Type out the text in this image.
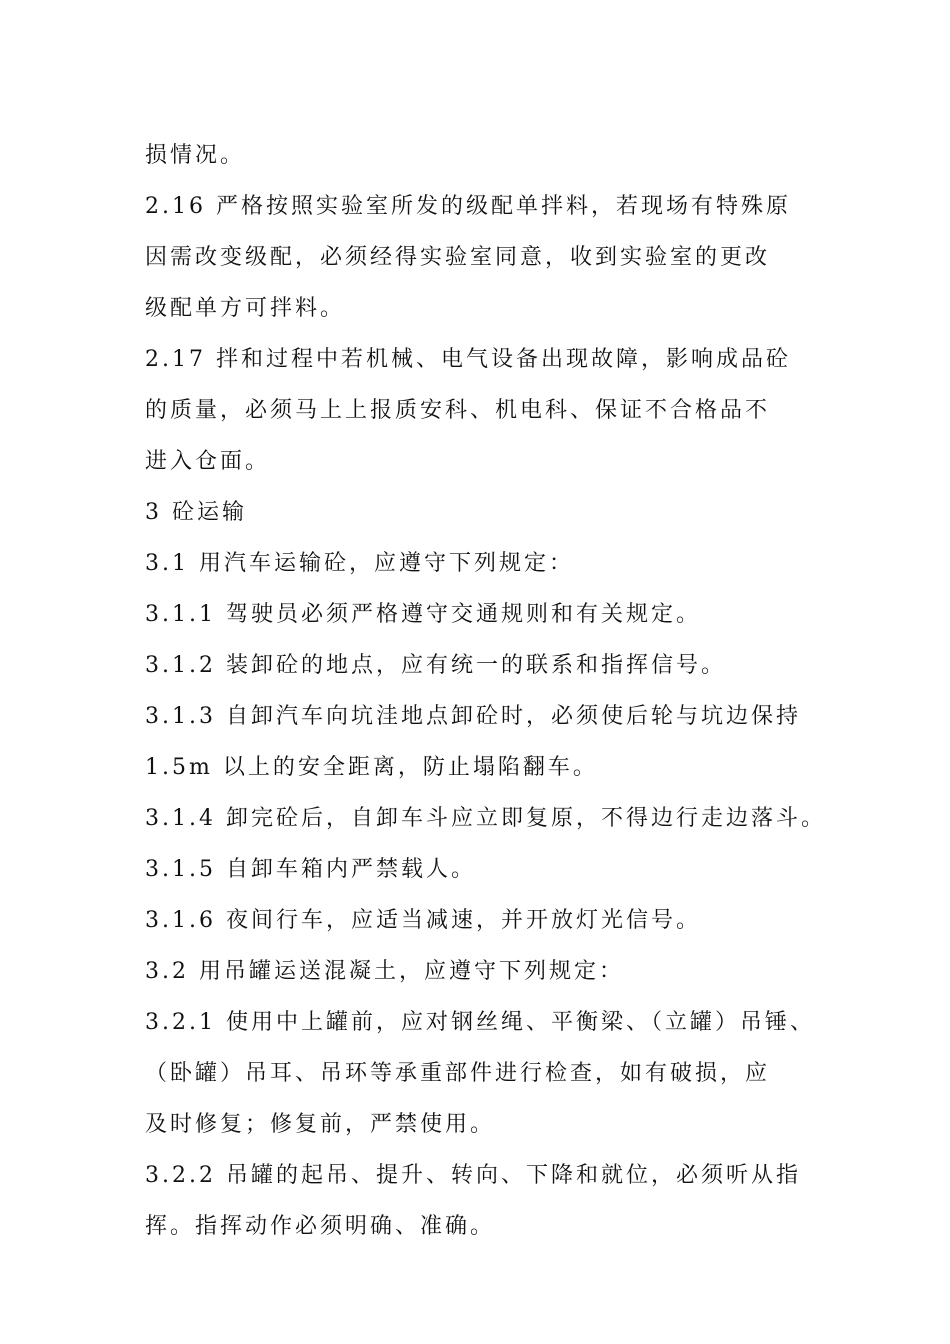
损情况。
2.16 严格按照实验室所发的级配单拌料，若现场有特殊原
因需改变级配，必须经得实验室同意，收到实验室的更改
级配单方可拌料。
2.17 拌和过程中若机械、电气设备出现故障，影响成品砼
的质量，必须马上上报质安科、机电科、保证不合格品不
进入仓面。
3 砼运输
3.1 用汽车运输砼，应遵守下列规定：
3.1.1 驾驶员必须严格遵守交通规则和有关规定。
3.1.2 装卸砼的地点，应有统一的联系和指挥信号。
3.1.3 自卸汽车向坑洼地点卸砼时，必须使后轮与坑边保持
1.5m 以上的安全距离，防止塌陷翻车。
3.1.4 卸完砼后，自卸车斗应立即复原，不得边行走边落斗。
3.1.5 自卸车箱内严禁载人。
3.1.6 夜间行车，应适当减速，并开放灯光信号。
3.2 用吊罐运送混凝土，应遵守下列规定：
3.2.1 使用中上罐前，应对钢丝绳、平衡梁、（立罐）吊锤、
（卧罐）吊耳、吊环等承重部件进行检查，如有破损，应
及时修复；修复前，严禁使用。
3.2.2 吊罐的起吊、提升、转向、下降和就位，必须听从指
挥。指挥动作必须明确、准确。
